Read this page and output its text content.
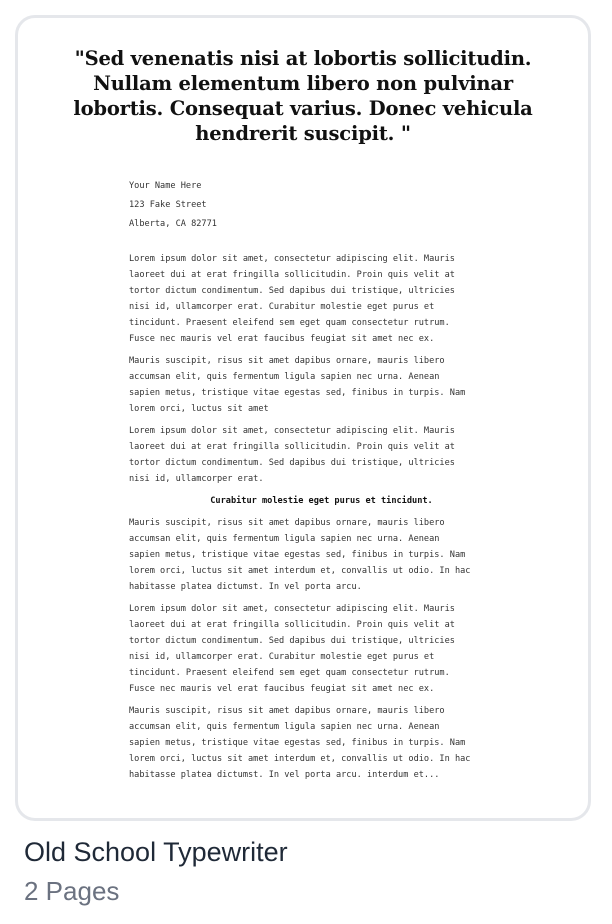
"Sed venenatis nisi at lobortis sollicitudin. Nullam elementum libero non pulvinar lobortis. Consequat varius. Donec vehicula hendrerit suscipit. "
Your Name Here
123 Fake Street
Alberta, CA 82771
Lorem ipsum dolor sit amet, consectetur adipiscing elit. Mauris
laoreet dui at erat fringilla sollicitudin. Proin quis velit at
tortor dictum condimentum. Sed dapibus dui tristique, ultricies
nisi id, ullamcorper erat. Curabitur molestie eget purus et
tincidunt. Praesent eleifend sem eget quam consectetur rutrum.
Fusce nec mauris vel erat faucibus feugiat sit amet nec ex.
Mauris suscipit, risus sit amet dapibus ornare, mauris libero
accumsan elit, quis fermentum ligula sapien nec urna. Aenean
sapien metus, tristique vitae egestas sed, finibus in turpis. Nam
lorem orci, luctus sit amet
Lorem ipsum dolor sit amet, consectetur adipiscing elit. Mauris
laoreet dui at erat fringilla sollicitudin. Proin quis velit at
tortor dictum condimentum. Sed dapibus dui tristique, ultricies
nisi id, ullamcorper erat.
Curabitur molestie eget purus et tincidunt.
Mauris suscipit, risus sit amet dapibus ornare, mauris libero
accumsan elit, quis fermentum ligula sapien nec urna. Aenean
sapien metus, tristique vitae egestas sed, finibus in turpis. Nam
lorem orci, luctus sit amet interdum et, convallis ut odio. In hac
habitasse platea dictumst. In vel porta arcu.
Lorem ipsum dolor sit amet, consectetur adipiscing elit. Mauris
laoreet dui at erat fringilla sollicitudin. Proin quis velit at
tortor dictum condimentum. Sed dapibus dui tristique, ultricies
nisi id, ullamcorper erat. Curabitur molestie eget purus et
tincidunt. Praesent eleifend sem eget quam consectetur rutrum.
Fusce nec mauris vel erat faucibus feugiat sit amet nec ex.
Mauris suscipit, risus sit amet dapibus ornare, mauris libero
accumsan elit, quis fermentum ligula sapien nec urna. Aenean
sapien metus, tristique vitae egestas sed, finibus in turpis. Nam
lorem orci, luctus sit amet interdum et, convallis ut odio. In hac
habitasse platea dictumst. In vel porta arcu. interdum et...
Old School Typewriter
2 Pages
